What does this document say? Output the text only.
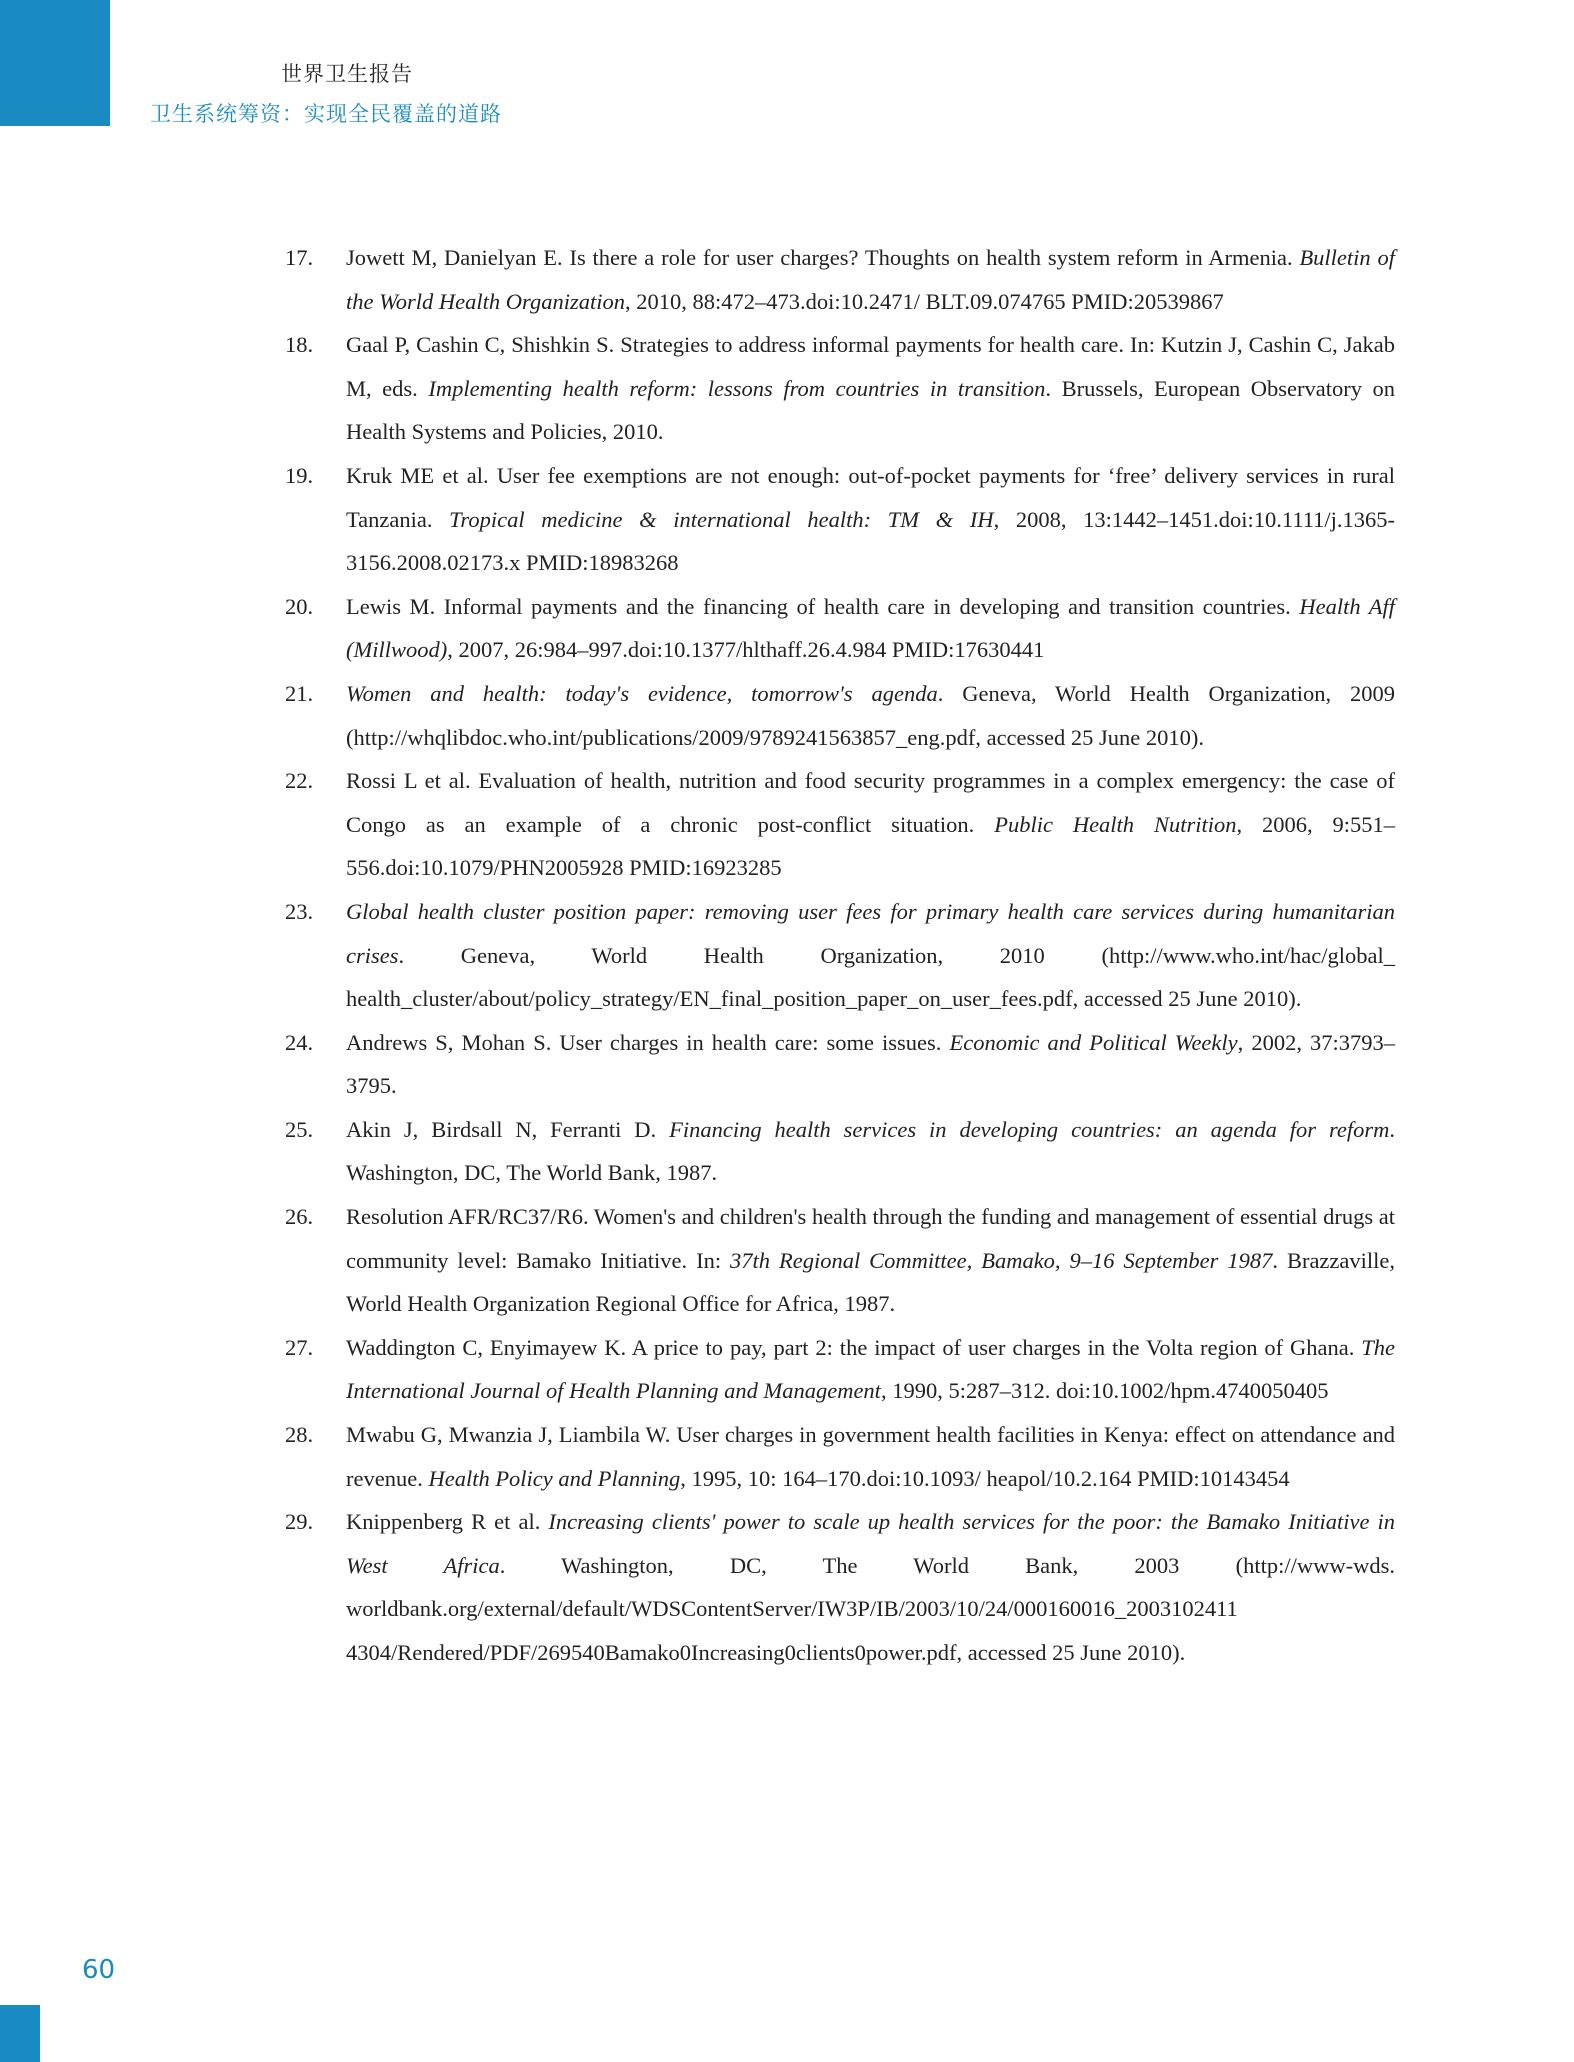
世界卫生报告
卫生系统筹资：实现全民覆盖的道路
17.	Jowett M, Danielyan E. Is there a role for user charges? Thoughts on health system reform in Armenia. Bulletin of the World Health Organization, 2010, 88:472–473.doi:10.2471/ BLT.09.074765 PMID:20539867
18.	Gaal P, Cashin C, Shishkin S. Strategies to address informal payments for health care. In: Kutzin J, Cashin C, Jakab M, eds. Implementing health reform: lessons from countries in transition. Brussels, European Observatory on Health Systems and Policies, 2010.
19.	Kruk ME et al. User fee exemptions are not enough: out-of-pocket payments for ‘free’ delivery services in rural Tanzania. Tropical medicine & international health: TM & IH, 2008, 13:1442–1451.doi:10.1111/j.1365-3156.2008.02173.x PMID:18983268
20.	Lewis M. Informal payments and the financing of health care in developing and transition countries. Health Aff (Millwood), 2007, 26:984–997.doi:10.1377/hlthaff.26.4.984 PMID:17630441
21.	Women and health: today's evidence, tomorrow's agenda. Geneva, World Health Organization, 2009 (http://whqlibdoc.who.int/publications/2009/9789241563857_eng.pdf, accessed 25 June 2010).
22.	Rossi L et al. Evaluation of health, nutrition and food security programmes in a complex emergency: the case of Congo as an example of a chronic post-conflict situation. Public Health Nutrition, 2006, 9:551–556.doi:10.1079/PHN2005928 PMID:16923285
23.	Global health cluster position paper: removing user fees for primary health care services during humanitarian crises. Geneva, World Health Organization, 2010 (http://www.who.int/hac/global_ health_cluster/about/policy_strategy/EN_final_position_paper_on_user_fees.pdf, accessed 25 June 2010).
24.	Andrews S, Mohan S. User charges in health care: some issues. Economic and Political Weekly, 2002, 37:3793–3795.
25.	Akin J, Birdsall N, Ferranti D. Financing health services in developing countries: an agenda for reform. Washington, DC, The World Bank, 1987.
26.	Resolution AFR/RC37/R6. Women's and children's health through the funding and management of essential drugs at community level: Bamako Initiative. In: 37th Regional Committee, Bamako, 9–16 September 1987. Brazzaville, World Health Organization Regional Office for Africa, 1987.
27.	Waddington C, Enyimayew K. A price to pay, part 2: the impact of user charges in the Volta region of Ghana. The International Journal of Health Planning and Management, 1990, 5:287–312. doi:10.1002/hpm.4740050405
28.	Mwabu G, Mwanzia J, Liambila W. User charges in government health facilities in Kenya: effect on attendance and revenue. Health Policy and Planning, 1995, 10: 164–170.doi:10.1093/ heapol/10.2.164 PMID:10143454
29.	Knippenberg R et al. Increasing clients' power to scale up health services for the poor: the Bamako Initiative in West Africa. Washington, DC, The World Bank, 2003 (http://www-wds. worldbank.org/external/default/WDSContentServer/IW3P/IB/2003/10/24/000160016_2003102411 4304/Rendered/PDF/269540Bamako0Increasing0clients0power.pdf, accessed 25 June 2010).
60
